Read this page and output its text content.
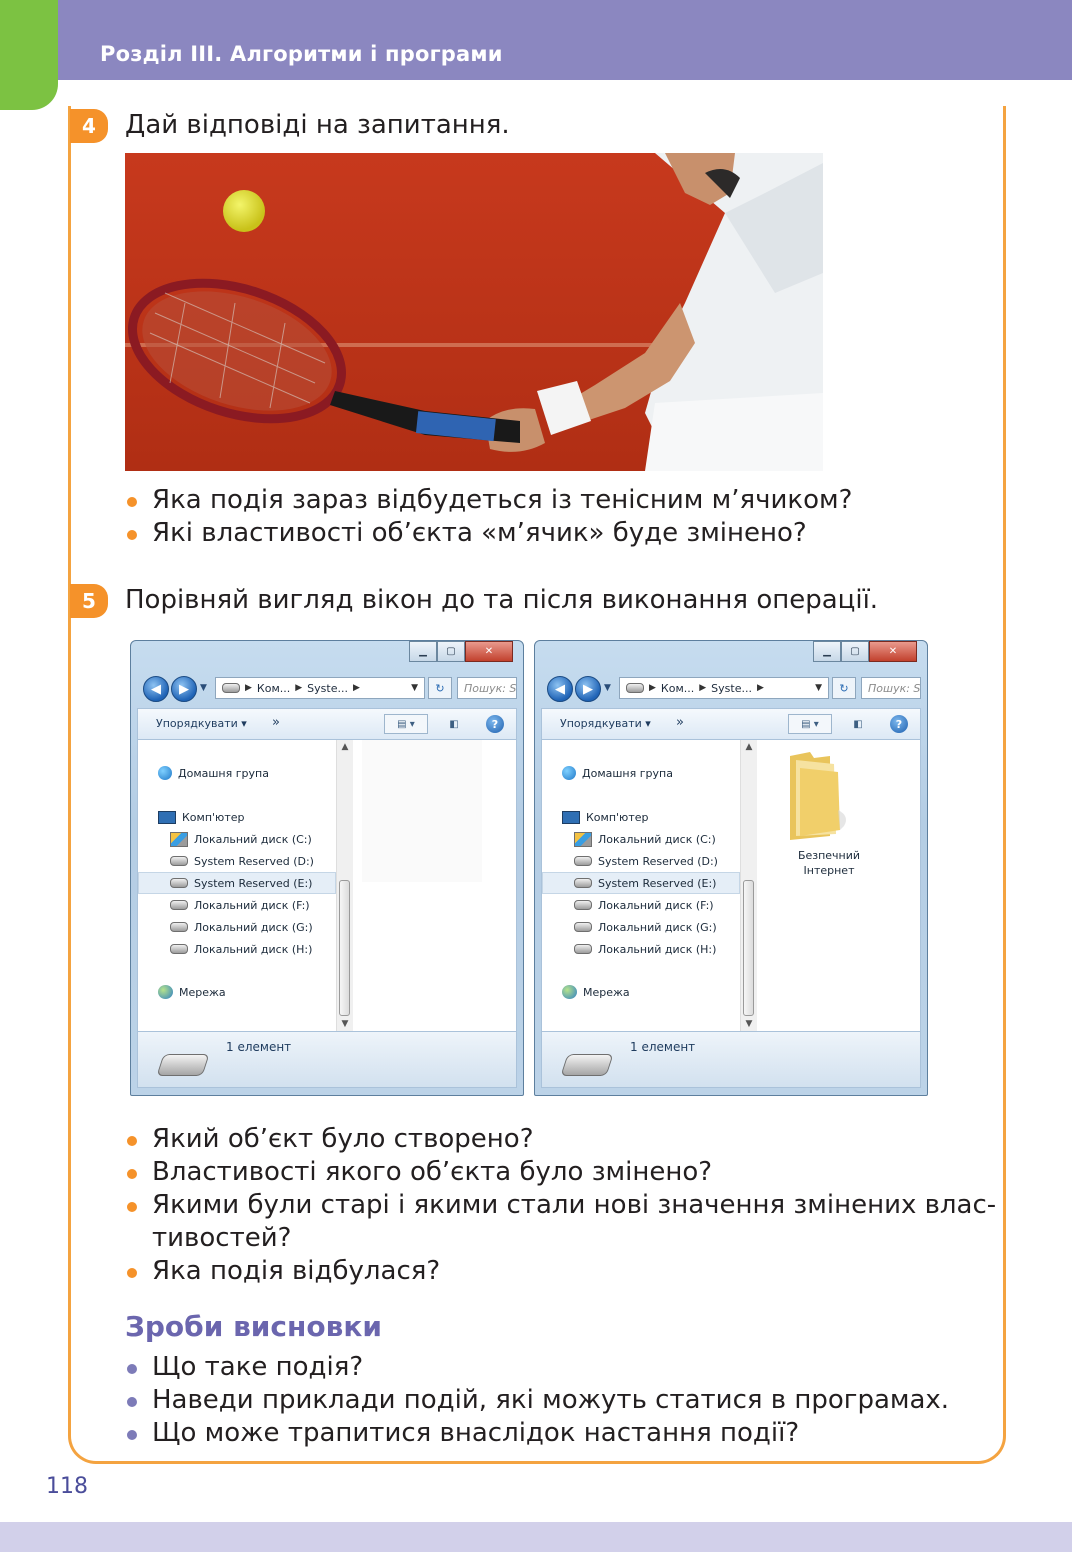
Розділ III. Алгоритми і програми
4	Дай відповіді на запитання.
Яка подія зараз відбудеться із тенісним м’ячиком?
Які властивості об’єкта «м’ячик» буде змінено?
5	Порівняй вигляд вікон до та після виконання операції.
▁	▢	✕
◀	▶	▼	▶ Ком... ▶ Syste... ▶	▼	↻	Пошук: S
Упорядкувати ▾ »	▤ ▾	◧	?
Домашня група
Комп'ютер
Локальний диск (C:)
System Reserved (D:)
System Reserved (E:)
Локальний диск (F:)
Локальний диск (G:)
Локальний диск (H:)
Мережа
▲
▼
1 елемент
▁	▢	✕
◀	▶	▼	▶ Ком... ▶ Syste... ▶	▼	↻	Пошук: S
Упорядкувати ▾ »	▤ ▾	◧	?
Домашня група
Комп'ютер
Локальний диск (C:)
System Reserved (D:)
System Reserved (E:)
Локальний диск (F:)
Локальний диск (G:)
Локальний диск (H:)
Мережа
▲
▼
Безпечний
Інтернет
1 елемент
Який об’єкт було створено?
Властивості якого об’єкта було змінено?
Якими були старі і якими стали нові значення змінених влас-
тивостей?
Яка подія відбулася?
Зроби висновки
Що таке подія?
Наведи приклади подій, які можуть статися в програмах.
Що може трапитися внаслідок настання події?
118
